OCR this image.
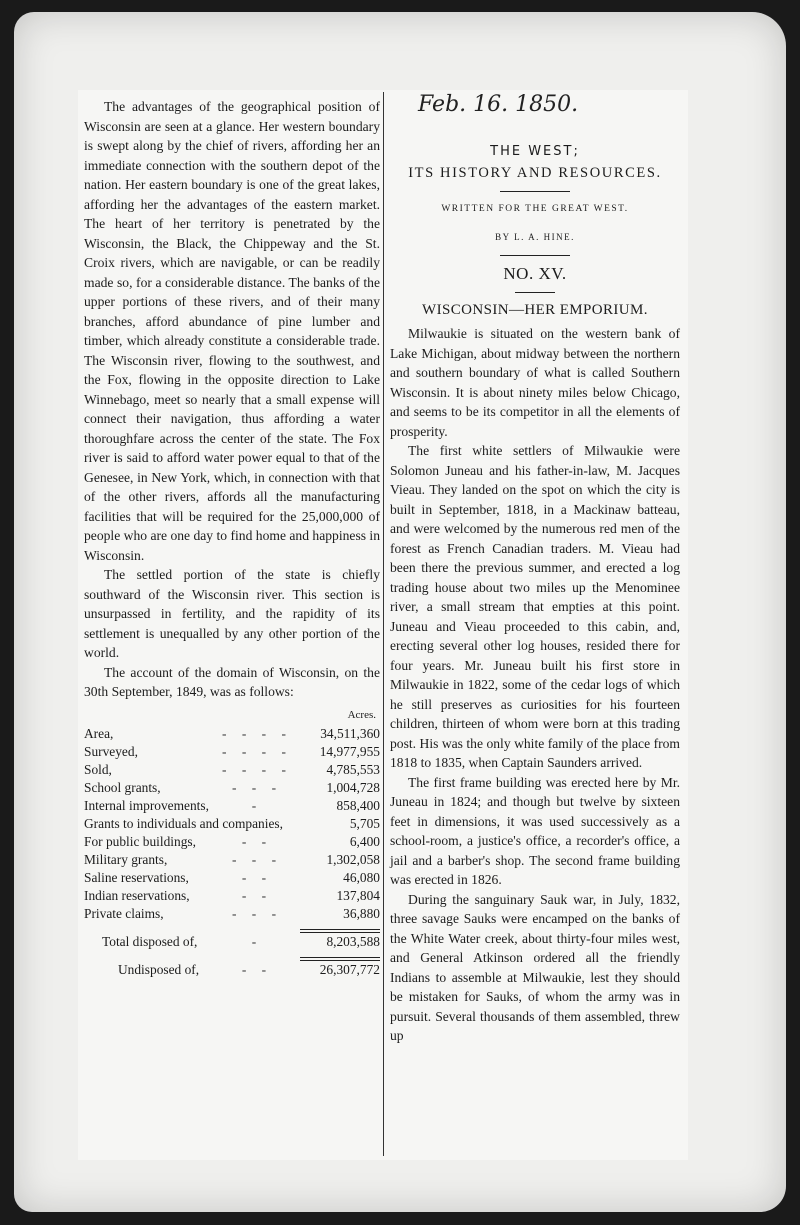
The advantages of the geographical position of Wisconsin are seen at a glance. Her western boundary is swept along by the chief of rivers, affording her an immediate connection with the southern depot of the nation. Her eastern boundary is one of the great lakes, affording her the advantages of the eastern market. The heart of her territory is penetrated by the Wisconsin, the Black, the Chippeway and the St. Croix rivers, which are navigable, or can be readily made so, for a considerable distance. The banks of the upper portions of these rivers, and of their many branches, afford abundance of pine lumber and timber, which already constitute a considerable trade. The Wisconsin river, flowing to the southwest, and the Fox, flowing in the opposite direction to Lake Winnebago, meet so nearly that a small expense will connect their navigation, thus affording a water thoroughfare across the center of the state. The Fox river is said to afford water power equal to that of the Genesee, in New York, which, in connection with that of the other rivers, affords all the manufacturing facilities that will be required for the 25,000,000 of people who are one day to find home and happiness in Wisconsin.

The settled portion of the state is chiefly southward of the Wisconsin river. This section is unsurpassed in fertility, and the rapidity of its settlement is unequalled by any other portion of the world.

The account of the domain of Wisconsin, on the 30th September, 1849, was as follows:

Acres.
Area,	- - - -	34,511,360
Surveyed,	- - - -	14,977,955
Sold,	- - - -	4,785,553
School grants,	- - -	1,004,728
Internal improvements,	-	858,400
Grants to individuals and companies,		5,705
For public buildings,	- -	6,400
Military grants,	- - -	1,302,058
Saline reservations,	- -	46,080
Indian reservations,	- -	137,804
Private claims,	- - -	36,880

Total disposed of,	-	8,203,588

Undisposed of,	- -	26,307,772
Feb. 16. 1850.
THE WEST;
ITS HISTORY AND RESOURCES.
WRITTEN FOR THE GREAT WEST.
BY L. A. HINE.
NO. XV.
WISCONSIN—HER EMPORIUM.

Milwaukie is situated on the western bank of Lake Michigan, about midway between the northern and southern boundary of what is called Southern Wisconsin. It is about ninety miles below Chicago, and seems to be its competitor in all the elements of prosperity.

The first white settlers of Milwaukie were Solomon Juneau and his father-in-law, M. Jacques Vieau. They landed on the spot on which the city is built in September, 1818, in a Mackinaw batteau, and were welcomed by the numerous red men of the forest as French Canadian traders. M. Vieau had been there the previous summer, and erected a log trading house about two miles up the Menominee river, a small stream that empties at this point. Juneau and Vieau proceeded to this cabin, and, erecting several other log houses, resided there for four years. Mr. Juneau built his first store in Milwaukie in 1822, some of the cedar logs of which he still preserves as curiosities for his fourteen children, thirteen of whom were born at this trading post. His was the only white family of the place from 1818 to 1835, when Captain Saunders arrived.

The first frame building was erected here by Mr. Juneau in 1824; and though but twelve by sixteen feet in dimensions, it was used successively as a school-room, a justice's office, a recorder's office, a jail and a barber's shop. The second frame building was erected in 1826.

During the sanguinary Sauk war, in July, 1832, three savage Sauks were encamped on the banks of the White Water creek, about thirty-four miles west, and General Atkinson ordered all the friendly Indians to assemble at Milwaukie, lest they should be mistaken for Sauks, of whom the army was in pursuit. Several thousands of them assembled, threw up
